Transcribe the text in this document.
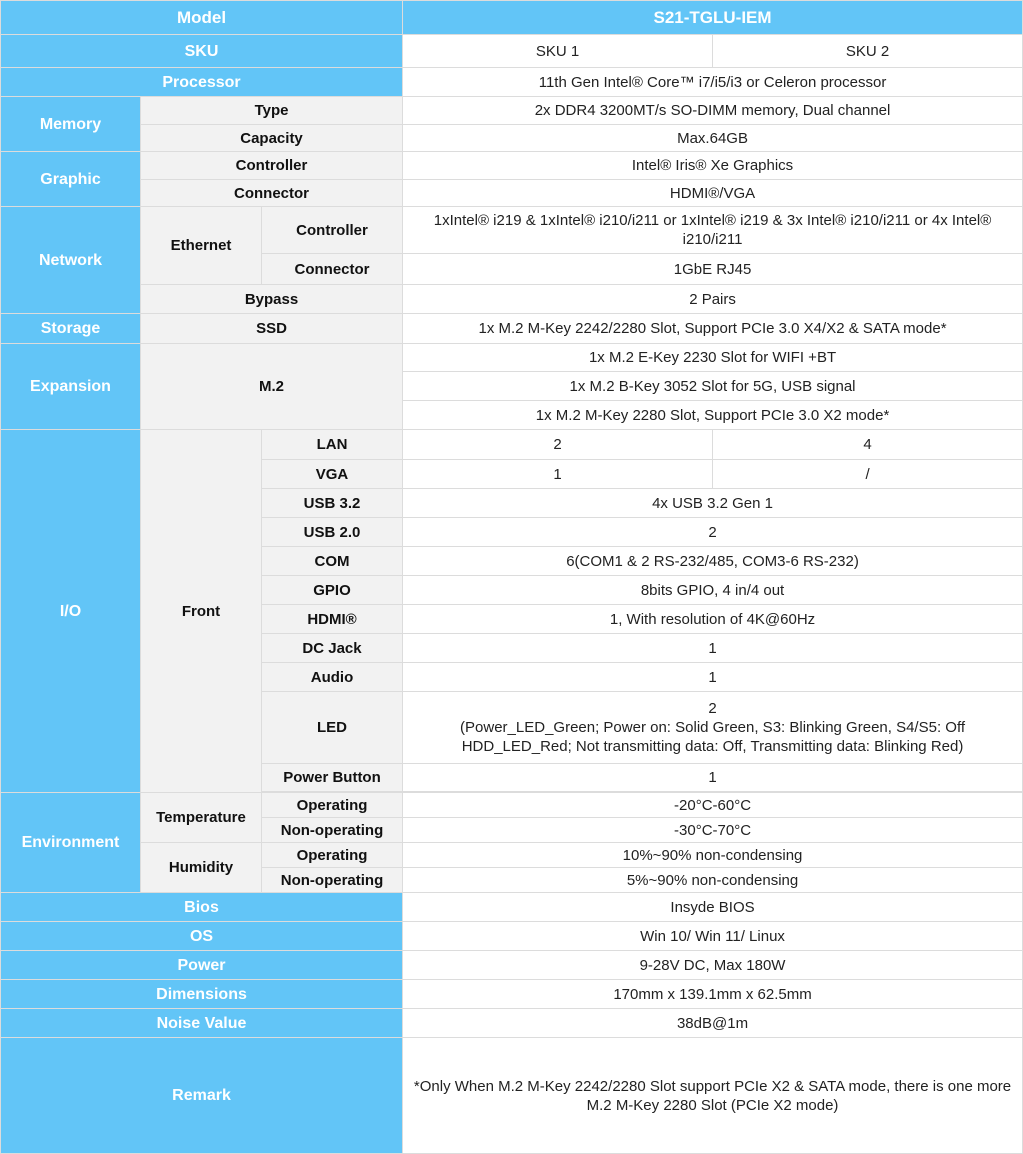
Model			S21-TGLU-IEM	
SKU			SKU 1	SKU 2
Processor			11th Gen Intel® Core™ i7/i5/i3 or Celeron processor	
Memory	Type		2x DDR4 3200MT/s SO-DIMM memory, Dual channel	
	Capacity		Max.64GB	
Graphic	Controller		Intel® Iris® Xe Graphics	
	Connector		HDMI®/VGA	
Network	Ethernet	Controller	1xIntel® i219 & 1xIntel® i210/i211 or 1xIntel® i219 & 3x Intel® i210/i211 or 4x Intel® i210/i211	
		Connector	1GbE RJ45	
	Bypass		2 Pairs	
Storage	SSD		1x M.2 M-Key 2242/2280 Slot, Support PCIe 3.0 X4/X2 & SATA mode*	
Expansion	M.2		1x M.2 E-Key 2230 Slot for WIFI +BT	
			1x M.2 B-Key 3052 Slot for 5G, USB signal	
			1x M.2 M-Key 2280 Slot, Support PCIe 3.0 X2 mode*	
I/O	Front	LAN	2	4
		VGA	1	/
		USB 3.2	4x USB 3.2 Gen 1	
		USB 2.0	2	
		COM	6(COM1 & 2 RS-232/485, COM3-6 RS-232)	
		GPIO	8bits GPIO, 4 in/4 out	
		HDMI®	1, With resolution of 4K@60Hz	
		DC Jack	1	
		Audio	1	
		LED	2
(Power_LED_Green; Power on: Solid Green, S3: Blinking Green, S4/S5: Off
HDD_LED_Red; Not transmitting data: Off, Transmitting data: Blinking Red)	

		Power Button	1	

Environment	Temperature	Operating	-20°C-60°C	
		Non-operating	-30°C-70°C	
	Humidity	Operating	10%~90% non-condensing	
		Non-operating	5%~90% non-condensing	
Bios			Insyde BIOS	
OS			Win 10/ Win 11/ Linux	
Power			9-28V DC, Max 180W	
Dimensions			170mm x 139.1mm x 62.5mm	
Noise Value			38dB@1m	
Remark			*Only When M.2 M-Key 2242/2280 Slot support PCIe X2 & SATA mode, there is one more M.2 M-Key 2280 Slot (PCIe X2 mode)	
